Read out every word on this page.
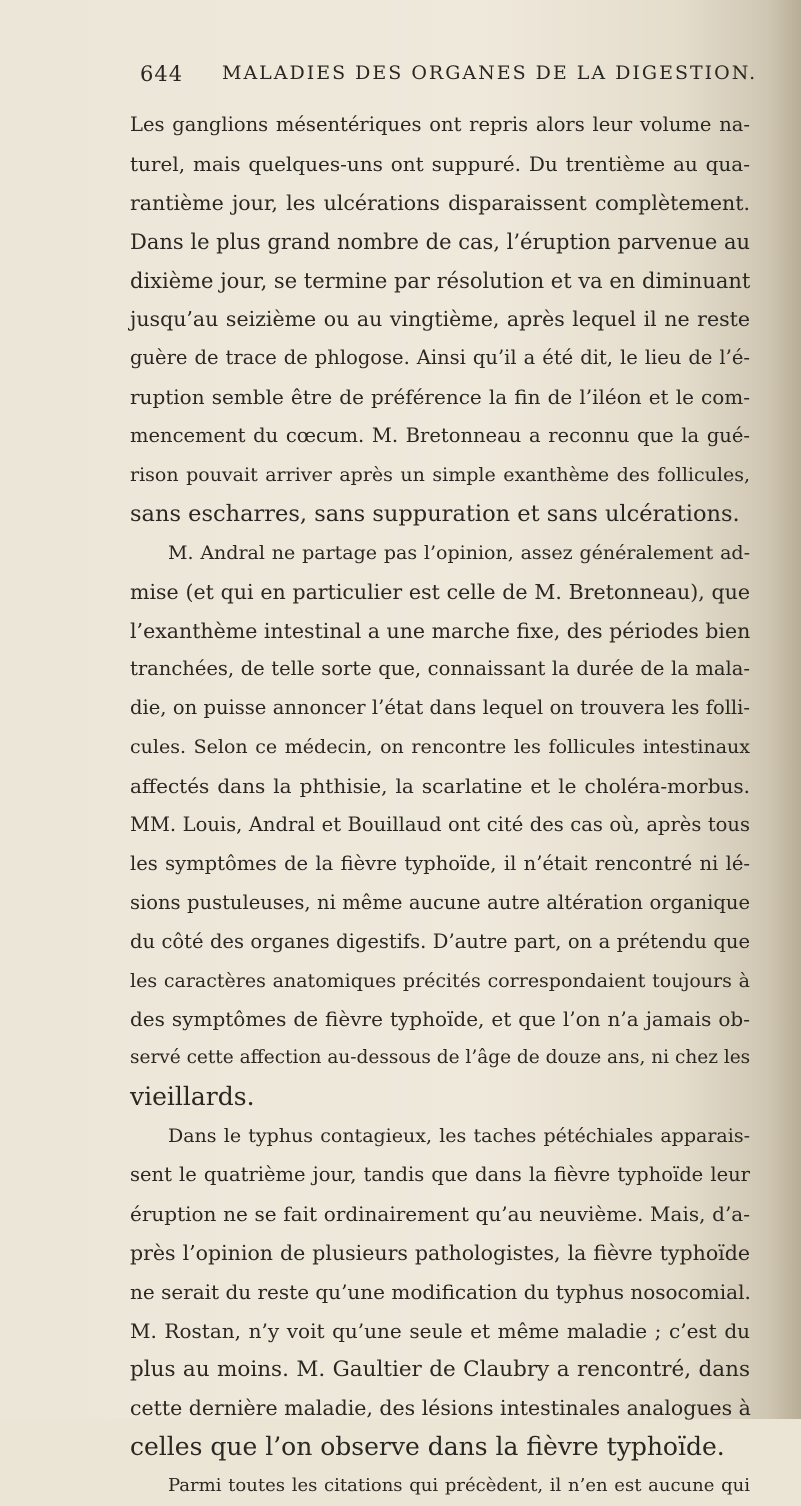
644 MALADIES DES ORGANES DE LA DIGESTION.
Les ganglions mésentériques ont repris alors leur volume na-
turel, mais quelques-uns ont suppuré. Du trentième au qua-
rantième jour, les ulcérations disparaissent complètement.
Dans le plus grand nombre de cas, l’éruption parvenue au
dixième jour, se termine par résolution et va en diminuant
jusqu’au seizième ou au vingtième, après lequel il ne reste
guère de trace de phlogose. Ainsi qu’il a été dit, le lieu de l’é-
ruption semble être de préférence la fin de l’iléon et le com-
mencement du cœcum. M. Bretonneau a reconnu que la gué-
rison pouvait arriver après un simple exanthème des follicules,
sans escharres, sans suppuration et sans ulcérations.
M. Andral ne partage pas l’opinion, assez généralement ad-
mise (et qui en particulier est celle de M. Bretonneau), que
l’exanthème intestinal a une marche fixe, des périodes bien
tranchées, de telle sorte que, connaissant la durée de la mala-
die, on puisse annoncer l’état dans lequel on trouvera les folli-
cules. Selon ce médecin, on rencontre les follicules intestinaux
affectés dans la phthisie, la scarlatine et le choléra-morbus.
MM. Louis, Andral et Bouillaud ont cité des cas où, après tous
les symptômes de la fièvre typhoïde, il n’était rencontré ni lé-
sions pustuleuses, ni même aucune autre altération organique
du côté des organes digestifs. D’autre part, on a prétendu que
les caractères anatomiques précités correspondaient toujours à
des symptômes de fièvre typhoïde, et que l’on n’a jamais ob-
servé cette affection au-dessous de l’âge de douze ans, ni chez les
vieillards.
Dans le typhus contagieux, les taches pétéchiales apparais-
sent le quatrième jour, tandis que dans la fièvre typhoïde leur
éruption ne se fait ordinairement qu’au neuvième. Mais, d’a-
près l’opinion de plusieurs pathologistes, la fièvre typhoïde
ne serait du reste qu’une modification du typhus nosocomial.
M. Rostan, n’y voit qu’une seule et même maladie ; c’est du
plus au moins. M. Gaultier de Claubry a rencontré, dans
cette dernière maladie, des lésions intestinales analogues à
celles que l’on observe dans la fièvre typhoïde.
Parmi toutes les citations qui précèdent, il n’en est aucune qui
